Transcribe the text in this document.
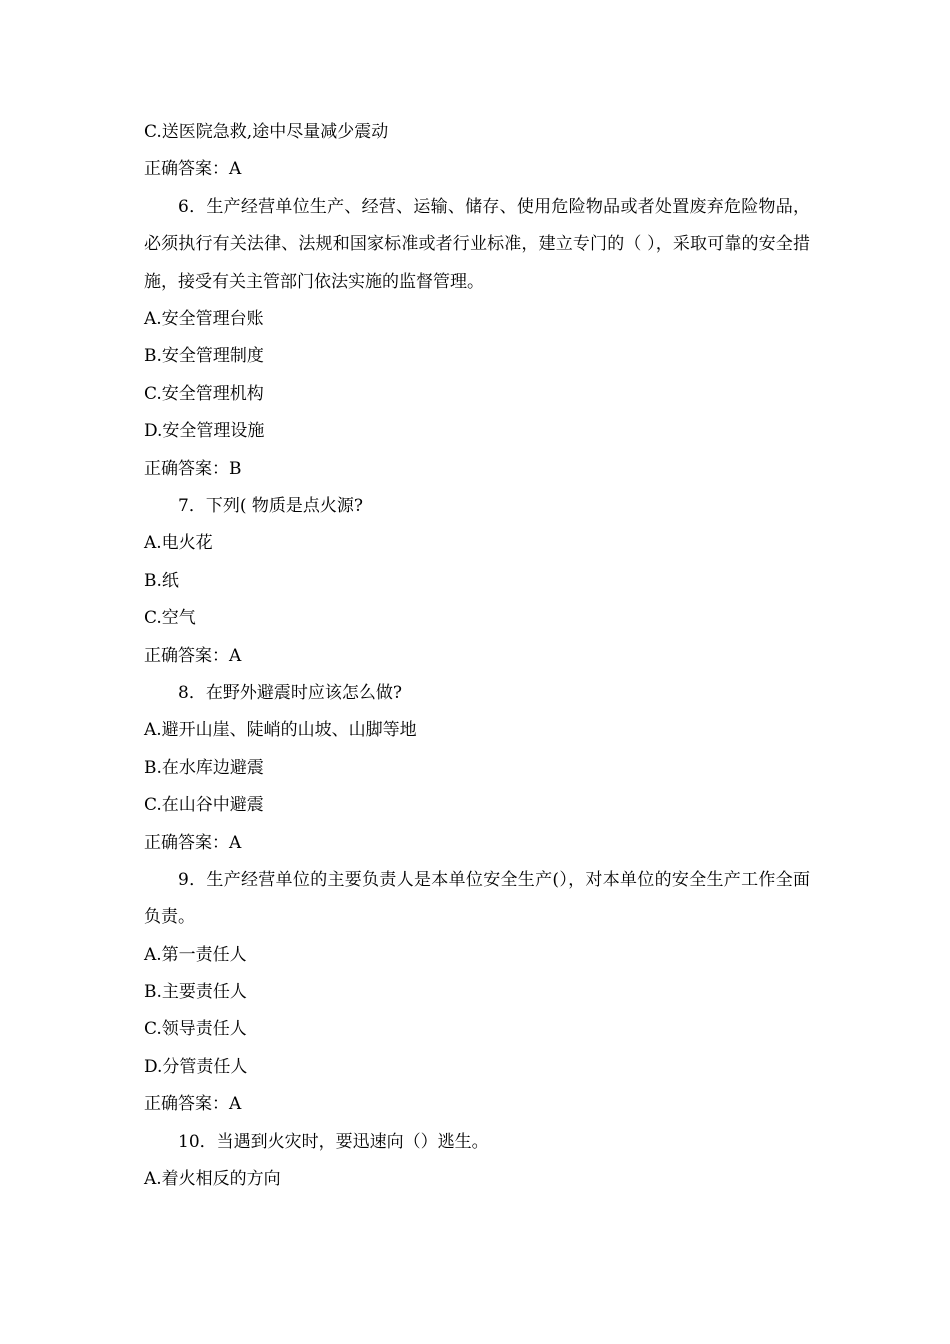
C.送医院急救,途中尽量减少震动
正确答案：A
6．生产经营单位生产、经营、运输、储存、使用危险物品或者处置废弃危险物品，必须执行有关法律、法规和国家标准或者行业标准，建立专门的（ ），采取可靠的安全措施，接受有关主管部门依法实施的监督管理。
A.安全管理台账
B.安全管理制度
C.安全管理机构
D.安全管理设施
正确答案：B
7．下列( 物质是点火源?
A.电火花
B.纸
C.空气
正确答案：A
8．在野外避震时应该怎么做?
A.避开山崖、陡峭的山坡、山脚等地
B.在水库边避震
C.在山谷中避震
正确答案：A
9．生产经营单位的主要负责人是本单位安全生产(），对本单位的安全生产工作全面负责。
A.第一责任人
B.主要责任人
C.领导责任人
D.分管责任人
正确答案：A
10．当遇到火灾时，要迅速向（）逃生。
A.着火相反的方向
